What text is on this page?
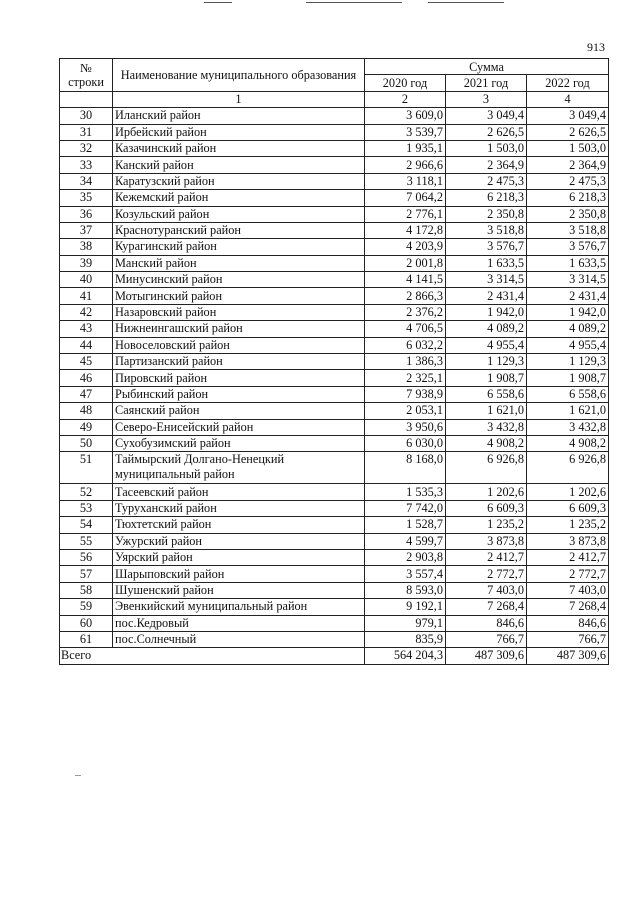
913
№
строки	Наименование муниципального образования	Сумма		
		2020 год	2021 год	2022 год
	1	2	3	4
30	Иланский район	3 609,0	3 049,4	3 049,4
31	Ирбейский район	3 539,7	2 626,5	2 626,5
32	Казачинский район	1 935,1	1 503,0	1 503,0
33	Канский район	2 966,6	2 364,9	2 364,9
34	Каратузский район	3 118,1	2 475,3	2 475,3
35	Кежемский район	7 064,2	6 218,3	6 218,3
36	Козульский район	2 776,1	2 350,8	2 350,8
37	Краснотуранский район	4 172,8	3 518,8	3 518,8
38	Курагинский район	4 203,9	3 576,7	3 576,7
39	Манский район	2 001,8	1 633,5	1 633,5
40	Минусинский район	4 141,5	3 314,5	3 314,5
41	Мотыгинский район	2 866,3	2 431,4	2 431,4
42	Назаровский район	2 376,2	1 942,0	1 942,0
43	Нижнеингашский район	4 706,5	4 089,2	4 089,2
44	Новоселовский район	6 032,2	4 955,4	4 955,4
45	Партизанский район	1 386,3	1 129,3	1 129,3
46	Пировский район	2 325,1	1 908,7	1 908,7
47	Рыбинский район	7 938,9	6 558,6	6 558,6
48	Саянский район	2 053,1	1 621,0	1 621,0
49	Северо-Енисейский район	3 950,6	3 432,8	3 432,8
50	Сухобузимский район	6 030,0	4 908,2	4 908,2
51	Таймырский Долгано-Ненецкий муниципальный район	8 168,0	6 926,8	6 926,8
52	Тасеевский район	1 535,3	1 202,6	1 202,6
53	Туруханский район	7 742,0	6 609,3	6 609,3
54	Тюхтетский район	1 528,7	1 235,2	1 235,2
55	Ужурский район	4 599,7	3 873,8	3 873,8
56	Уярский район	2 903,8	2 412,7	2 412,7
57	Шарыповский район	3 557,4	2 772,7	2 772,7
58	Шушенский район	8 593,0	7 403,0	7 403,0
59	Эвенкийский муниципальный район	9 192,1	7 268,4	7 268,4
60	пос.Кедровый	979,1	846,6	846,6
61	пос.Солнечный	835,9	766,7	766,7
Всего		564 204,3	487 309,6	487 309,6
